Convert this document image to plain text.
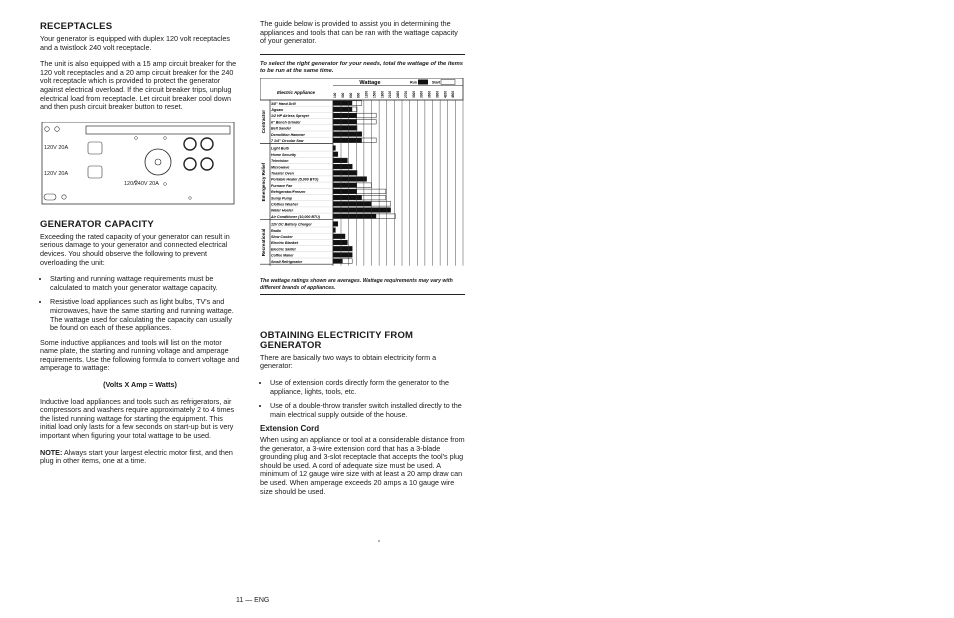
RECEPTACLES

Your generator is equipped with duplex 120 volt receptacles and a twistlock 240 volt receptacle.

The unit is also equipped with a 15 amp circuit breaker for the 120 volt receptacles and a 20 amp circuit breaker for the 240 volt receptacle which is provided to protect the generator against electrical overload. If the circuit breaker trips, unplug electrical load from receptacle. Let circuit breaker cool down and then push circuit breaker button to reset.

120V 20A
120V 20A
120/240V 20A
GENERATOR CAPACITY

Exceeding the rated capacity of your generator can result in serious damage to your generator and connected electrical devices. You should observe the following to prevent overloading the unit:

• Starting and running wattage requirements must be calculated to match your generator wattage capacity.
• Resistive load appliances such as light bulbs, TV's and microwaves, have the same starting and running wattage. The wattage used for calculating the capacity can usually be found on each of these appliances.

Some inductive appliances and tools will list on the motor name plate, the starting and running voltage and amperage requirements. Use the following formula to convert voltage and amperage to wattage:

(Volts X Amp = Watts)

Inductive load appliances and tools such as refrigerators, air compressors and washers require approximately 2 to 4 times the listed running wattage for starting the equipment. This initial load only lasts for a few seconds on start-up but is very important when figuring your total wattage to be used.

NOTE: Always start your largest electric motor first, and then plug in other items, one at a time.

The guide below is provided to assist you in determining the appliances and tools that can be ran with the wattage capacity of your generator.

To select the right generator for your needs, total the wattage of the items to be run at the same time.
Wattage	Run	Start
Electric Appliance
100 300 600 900 1200 1500 1800 2100 2400 2700 3000 3300 3600 3900 4200 4500
3/8" Hand Drill
Jigsaw
1/2 HP Airless Sprayer
6" Bench Grinder
Belt Sander
Demolition Hammer
7 1/4" Circular Saw
Contractor
Light Bulb
Home Security
Television
Microwave
Toaster Oven
Portable Heater (5,000 BTU)
Furnace Fan
Refrigerator/Freezer
Sump Pump
Clothes Washer
Water Heater
Air Conditioner (10,000 BTU)
Emergency Relief
12V DC Battery Charger
Radio
Slow Cooker
Electric Blanket
Electric Skillet
Coffee Maker
Small Refrigerator
Recreational
The wattage ratings shown are averages. Wattage requirements may vary with different brands of appliances.
OBTAINING ELECTRICITY FROM
GENERATOR

There are basically two ways to obtain electricity form a generator:

• Use of extension cords directly form the generator to the appliance, lights, tools, etc.
• Use of a double-throw transfer switch installed directly to the main electrical supply outside of the house.
Extension Cord

When using an appliance or tool at a considerable distance from the generator, a 3-wire extension cord that has a 3-blade grounding plug and 3-slot receptacle that accepts the tool's plug should be used. A cord of adequate size must be used. A minimum of 12 gauge wire size with at least a 20 amp draw can be used. When amperage exceeds 20 amps a 10 gauge wire size should be used.

11 — ENG
